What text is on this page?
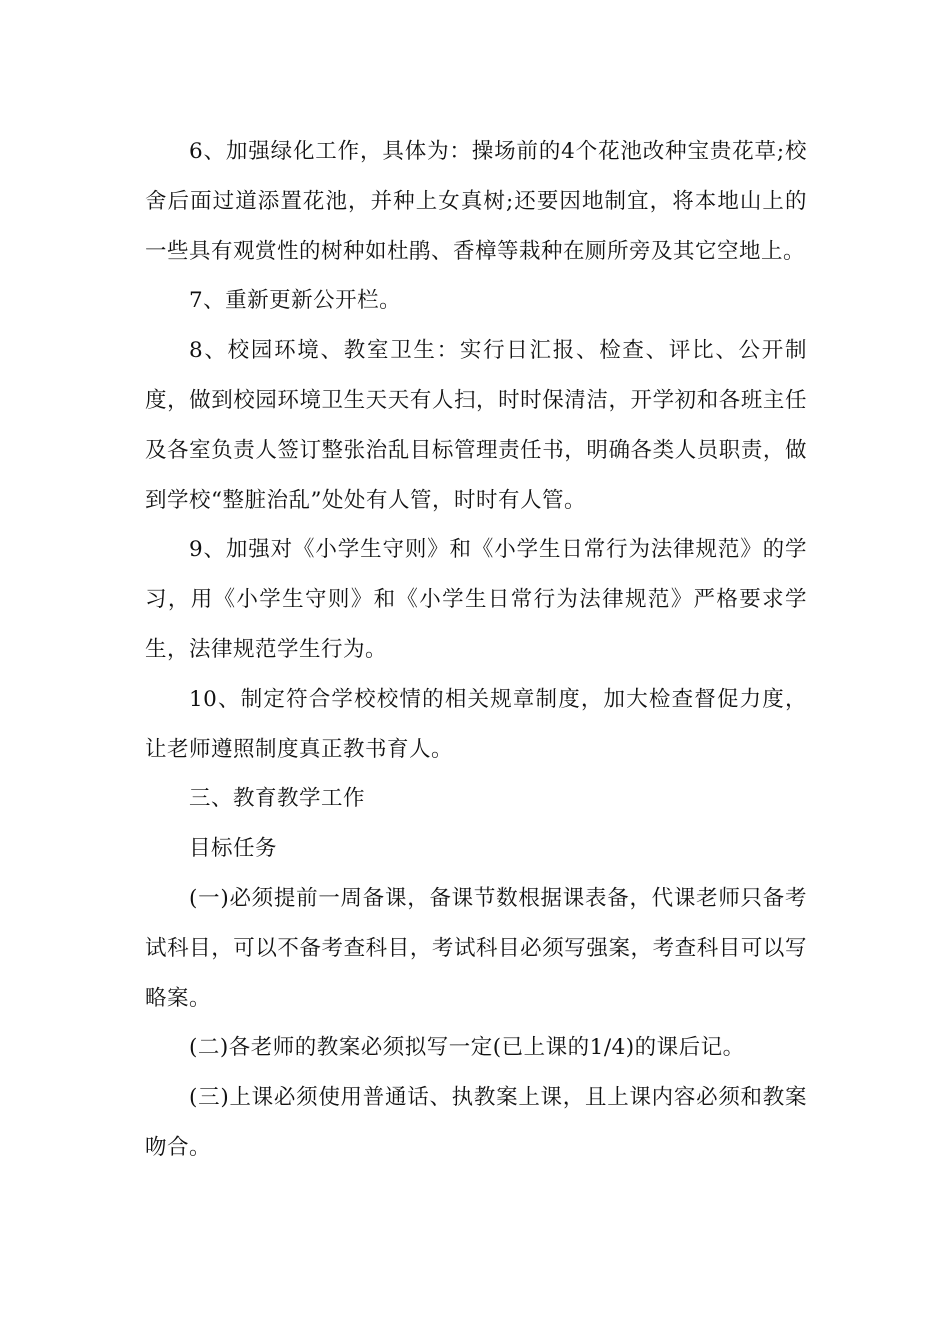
6、加强绿化工作，具体为：操场前的4个花池改种宝贵花草;校舍后面过道添置花池，并种上女真树;还要因地制宜，将本地山上的一些具有观赏性的树种如杜鹃、香樟等栽种在厕所旁及其它空地上。

7、重新更新公开栏。

8、校园环境、教室卫生：实行日汇报、检查、评比、公开制度，做到校园环境卫生天天有人扫，时时保清洁，开学初和各班主任及各室负责人签订整张治乱目标管理责任书，明确各类人员职责，做到学校“整脏治乱”处处有人管，时时有人管。

9、加强对《小学生守则》和《小学生日常行为法律规范》的学习，用《小学生守则》和《小学生日常行为法律规范》严格要求学生，法律规范学生行为。

10、制定符合学校校情的相关规章制度，加大检查督促力度，让老师遵照制度真正教书育人。

三、教育教学工作

目标任务

(一)必须提前一周备课，备课节数根据课表备，代课老师只备考试科目，可以不备考查科目，考试科目必须写强案，考查科目可以写略案。

(二)各老师的教案必须拟写一定(已上课的1/4)的课后记。

(三)上课必须使用普通话、执教案上课，且上课内容必须和教案吻合。
